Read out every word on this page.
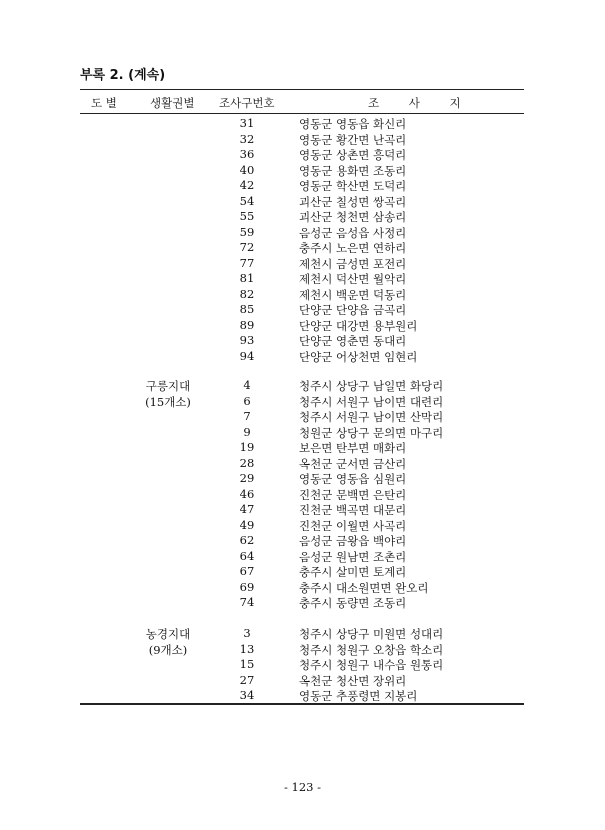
부록 2. (계속)
도 별	생활권별 조사구번호	조 사 지
31	영동군 영동읍 화신리
32	영동군 황간면 난곡리
36	영동군 상촌면 흥덕리
40	영동군 용화면 조동리
42	영동군 학산면 도덕리
54	괴산군 칠성면 쌍곡리
55	괴산군 청천면 삼송리
59	음성군 음성읍 사정리
72	충주시 노은면 연하리
77	제천시 금성면 포전리
81	제천시 덕산면 월악리
82	제천시 백운면 덕동리
85	단양군 단양읍 금곡리
89	단양군 대강면 용부원리
93	단양군 영춘면 동대리
94	단양군 어상천면 임현리
구릉지대
(15개소)
4	청주시 상당구 남일면 화당리
6	청주시 서원구 남이면 대련리
7	청주시 서원구 남이면 산막리
9	청원군 상당구 문의면 마구리
19	보은면 탄부면 매화리
28	옥천군 군서면 금산리
29	영동군 영동읍 심원리
46	진천군 문백면 은탄리
47	진천군 백곡면 대문리
49	진천군 이월면 사곡리
62	음성군 금왕읍 백야리
64	음성군 원남면 조촌리
67	충주시 살미면 토계리
69	충주시 대소원면면 완오리
74	충주시 동량면 조동리
농경지대
(9개소)
3	청주시 상당구 미원면 성대리
13	청주시 청원구 오창읍 학소리
15	청주시 청원구 내수읍 원통리
27	옥천군 청산면 장위리
34	영동군 추풍령면 지봉리
- 123 -
